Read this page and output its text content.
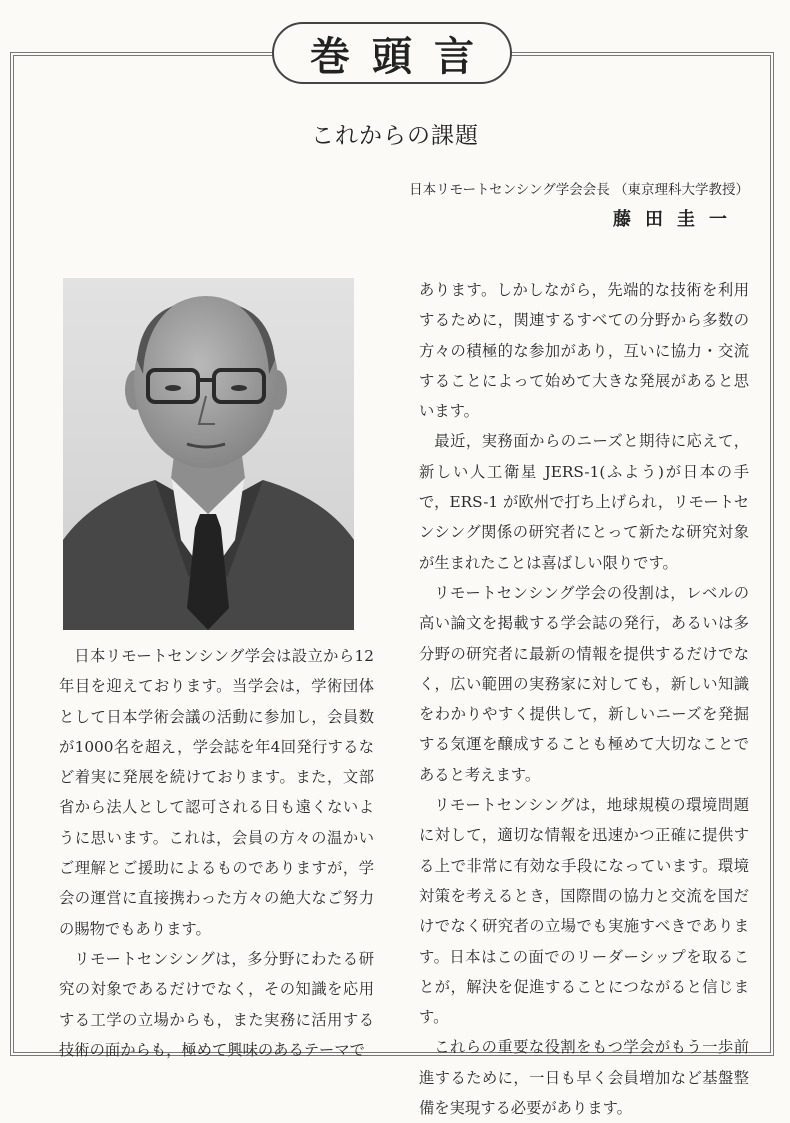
巻頭言
これからの課題
日本リモートセンシング学会会長 （東京理科大学教授）
藤田圭一

日本リモートセンシング学会は設立から12年目を迎えております。当学会は，学術団体として日本学術会議の活動に参加し，会員数が1000名を超え，学会誌を年4回発行するなど着実に発展を続けております。また，文部省から法人として認可される日も遠くないように思います。これは，会員の方々の温かいご理解とご援助によるものでありますが，学会の運営に直接携わった方々の絶大なご努力の賜物でもあります。

リモートセンシングは，多分野にわたる研究の対象であるだけでなく，その知識を応用する工学の立場からも，また実務に活用する技術の面からも，極めて興味のあるテーマで

あります。しかしながら，先端的な技術を利用するために，関連するすべての分野から多数の方々の積極的な参加があり，互いに協力・交流することによって始めて大きな発展があると思います。

最近，実務面からのニーズと期待に応えて，新しい人工衛星 JERS-1(ふよう)が日本の手で，ERS-1 が欧州で打ち上げられ，リモートセンシング関係の研究者にとって新たな研究対象が生まれたことは喜ばしい限りです。

リモートセンシング学会の役割は，レベルの高い論文を掲載する学会誌の発行，あるいは多分野の研究者に最新の情報を提供するだけでなく，広い範囲の実務家に対しても，新しい知識をわかりやすく提供して，新しいニーズを発掘する気運を醸成することも極めて大切なことであると考えます。

リモートセンシングは，地球規模の環境問題に対して，適切な情報を迅速かつ正確に提供する上で非常に有効な手段になっています。環境対策を考えるとき，国際間の協力と交流を国だけでなく研究者の立場でも実施すべきであります。日本はこの面でのリーダーシップを取ることが，解決を促進することにつながると信じます。

これらの重要な役割をもつ学会がもう一歩前進するために，一日も早く会員増加など基盤整備を実現する必要があります。
